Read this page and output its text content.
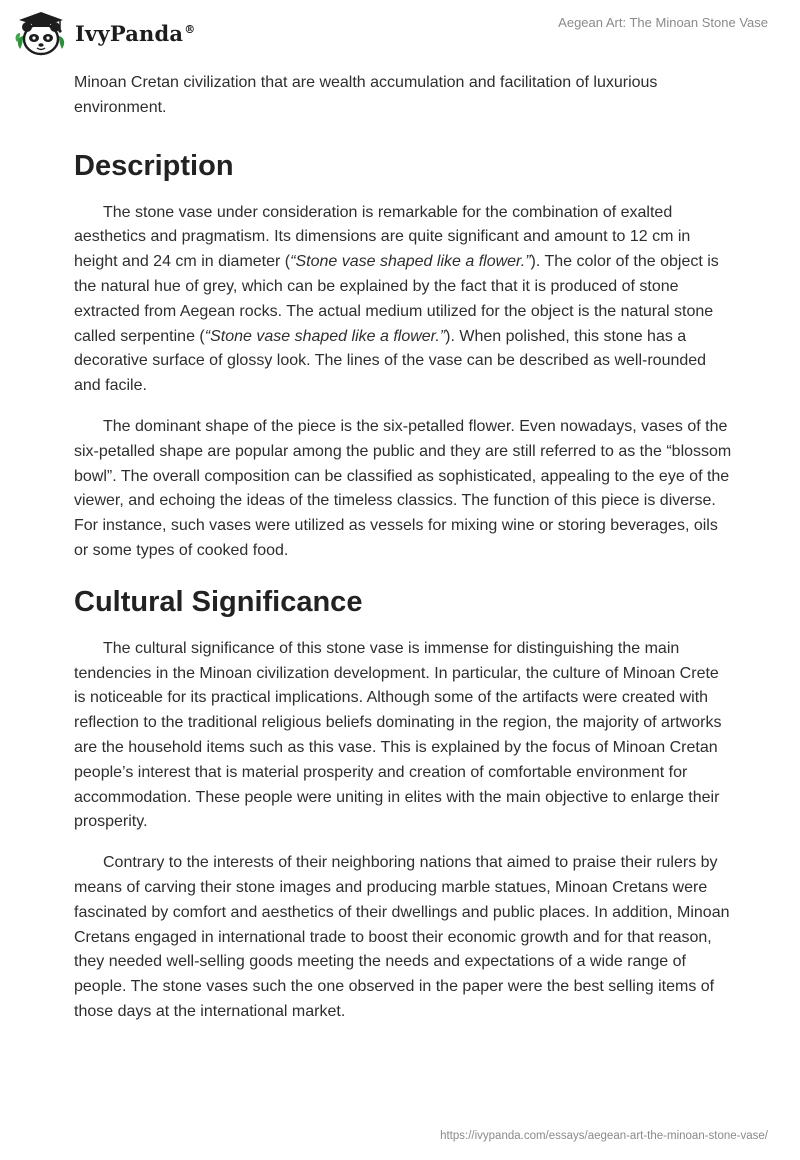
IvyPanda®	Aegean Art: The Minoan Stone Vase

Minoan Cretan civilization that are wealth accumulation and facilitation of luxurious environment.

Description

The stone vase under consideration is remarkable for the combination of exalted aesthetics and pragmatism. Its dimensions are quite significant and amount to 12 cm in height and 24 cm in diameter (“Stone vase shaped like a flower.”). The color of the object is the natural hue of grey, which can be explained by the fact that it is produced of stone extracted from Aegean rocks. The actual medium utilized for the object is the natural stone called serpentine (“Stone vase shaped like a flower.”). When polished, this stone has a decorative surface of glossy look. The lines of the vase can be described as well-rounded and facile.

The dominant shape of the piece is the six-petalled flower. Even nowadays, vases of the six-petalled shape are popular among the public and they are still referred to as the “blossom bowl”. The overall composition can be classified as sophisticated, appealing to the eye of the viewer, and echoing the ideas of the timeless classics. The function of this piece is diverse. For instance, such vases were utilized as vessels for mixing wine or storing beverages, oils or some types of cooked food.

Cultural Significance

The cultural significance of this stone vase is immense for distinguishing the main tendencies in the Minoan civilization development. In particular, the culture of Minoan Crete is noticeable for its practical implications. Although some of the artifacts were created with reflection to the traditional religious beliefs dominating in the region, the majority of artworks are the household items such as this vase. This is explained by the focus of Minoan Cretan people’s interest that is material prosperity and creation of comfortable environment for accommodation. These people were uniting in elites with the main objective to enlarge their prosperity.

Contrary to the interests of their neighboring nations that aimed to praise their rulers by means of carving their stone images and producing marble statues, Minoan Cretans were fascinated by comfort and aesthetics of their dwellings and public places. In addition, Minoan Cretans engaged in international trade to boost their economic growth and for that reason, they needed well-selling goods meeting the needs and expectations of a wide range of people. The stone vases such the one observed in the paper were the best selling items of those days at the international market.

https://ivypanda.com/essays/aegean-art-the-minoan-stone-vase/
